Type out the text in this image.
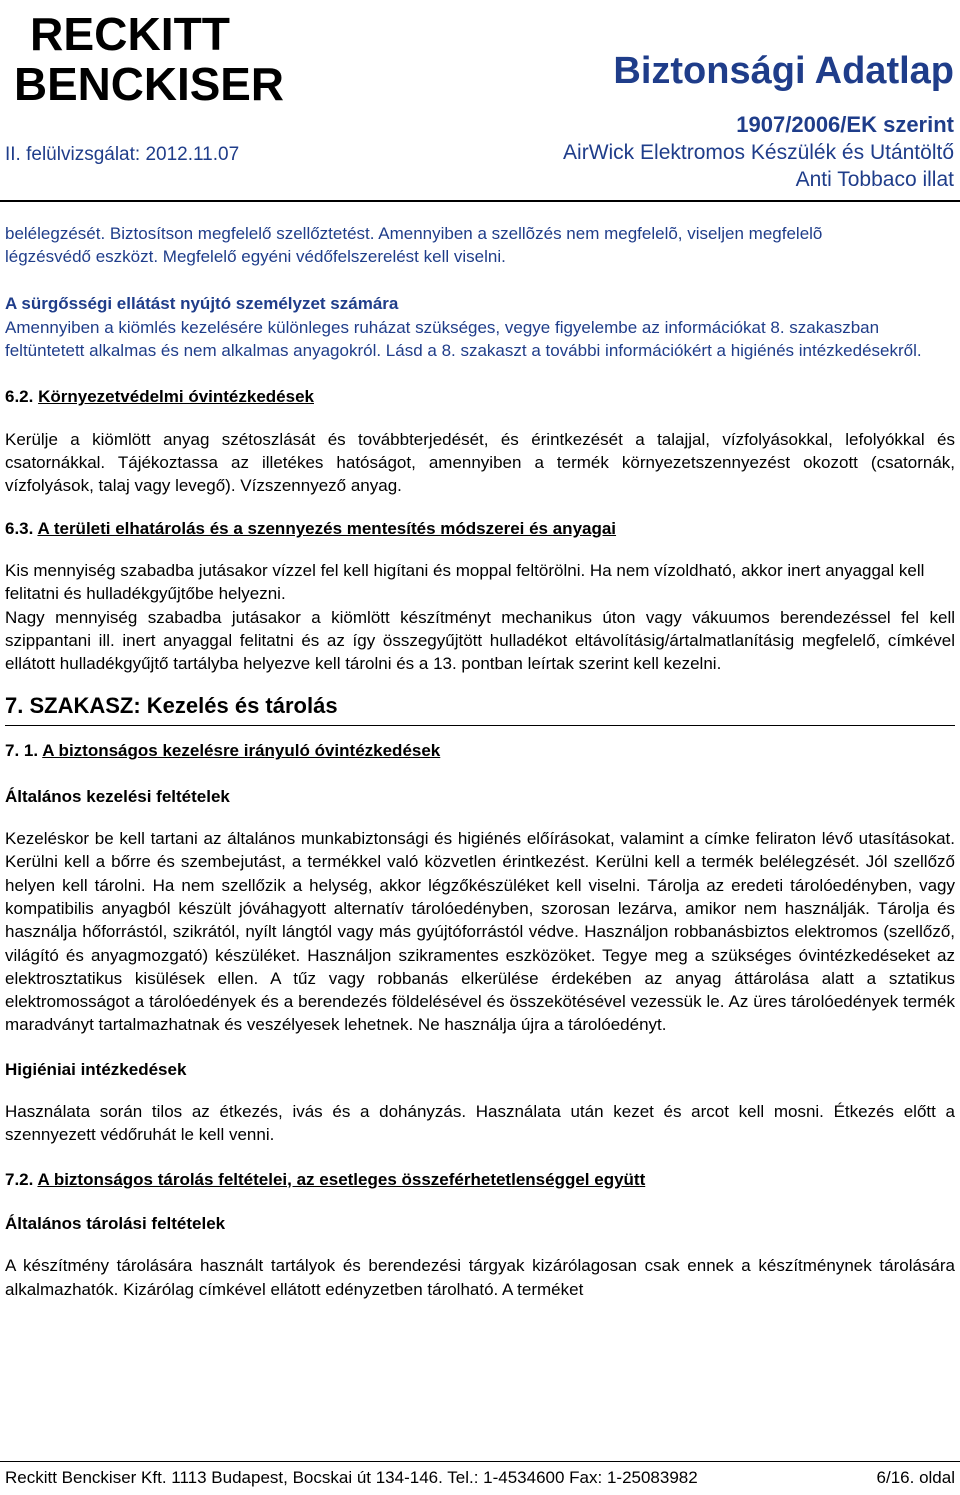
RECKITT
BENCKISER
II. felülvizsgálat: 2012.11.07
Biztonsági Adatlap
1907/2006/EK szerint
AirWick Elektromos Készülék és Utántöltő
Anti Tobbaco illat

belélegzését. Biztosítson megfelelő szellőztetést. Amennyiben a szellõzés nem megfelelõ, viseljen megfelelõ

légzésvédő eszközt. Megfelelő egyéni védőfelszerelést kell viselni.

A sürgősségi ellátást nyújtó személyzet számára

Amennyiben a kiömlés kezelésére különleges ruházat szükséges, vegye figyelembe az információkat 8. szakaszban feltüntetett alkalmas és nem alkalmas anyagokról. Lásd a 8. szakaszt a további információkért a higiénés intézkedésekről.

6.2. Környezetvédelmi óvintézkedések

Kerülje a kiömlött anyag szétoszlását és továbbterjedését, és érintkezését a talajjal, vízfolyásokkal, lefolyókkal és csatornákkal. Tájékoztassa az illetékes hatóságot, amennyiben a termék környezetszennyezést okozott (csatornák, vízfolyások, talaj vagy levegő). Vízszennyező anyag.

6.3. A területi elhatárolás és a szennyezés mentesítés módszerei és anyagai

Kis mennyiség szabadba jutásakor vízzel fel kell higítani és moppal feltörölni. Ha nem vízoldható, akkor inert anyaggal kell felitatni és hulladékgyűjtőbe helyezni.

Nagy mennyiség szabadba jutásakor a kiömlött készítményt mechanikus úton vagy vákuumos berendezéssel fel kell szippantani ill. inert anyaggal felitatni és az így összegyűjtött hulladékot eltávolításig/ártalmatlanításig megfelelő, címkével ellátott hulladékgyűjtő tartályba helyezve kell tárolni és a 13. pontban leírtak szerint kell kezelni.

7. SZAKASZ: Kezelés és tárolás

7. 1. A biztonságos kezelésre irányuló óvintézkedések

Általános kezelési feltételek

Kezeléskor be kell tartani az általános munkabiztonsági és higiénés előírásokat, valamint a címke feliraton lévő utasításokat. Kerülni kell a bőrre és szembejutást, a termékkel való közvetlen érintkezést. Kerülni kell a termék belélegzését. Jól szellőző helyen kell tárolni. Ha nem szellőzik a helység, akkor légzőkészüléket kell viselni. Tárolja az eredeti tárolóedényben, vagy kompatibilis anyagból készült jóváhagyott alternatív tárolóedényben, szorosan lezárva, amikor nem használják. Tárolja és használja hőforrástól, szikrától, nyílt lángtól vagy más gyújtóforrástól védve. Használjon robbanásbiztos elektromos (szellőző, világító és anyagmozgató) készüléket. Használjon szikramentes eszközöket. Tegye meg a szükséges óvintézkedéseket az elektrosztatikus kisülések ellen. A tűz vagy robbanás elkerülése érdekében az anyag áttárolása alatt a sztatikus elektromosságot a tárolóedények és a berendezés földelésével és összekötésével vezessük le. Az üres tárolóedények termék maradványt tartalmazhatnak és veszélyesek lehetnek. Ne használja újra a tárolóedényt.

Higiéniai intézkedések

Használata során tilos az étkezés, ivás és a dohányzás. Használata után kezet és arcot kell mosni. Étkezés előtt a szennyezett védőruhát le kell venni.

7.2. A biztonságos tárolás feltételei, az esetleges összeférhetetlenséggel együtt

Általános tárolási feltételek

A készítmény tárolására használt tartályok és berendezési tárgyak kizárólagosan csak ennek a készítménynek tárolására alkalmazhatók. Kizárólag címkével ellátott edényzetben tárolható. A terméket

Reckitt Benckiser Kft. 1113 Budapest, Bocskai út 134-146. Tel.: 1-4534600 Fax: 1-25083982	6/16. oldal
